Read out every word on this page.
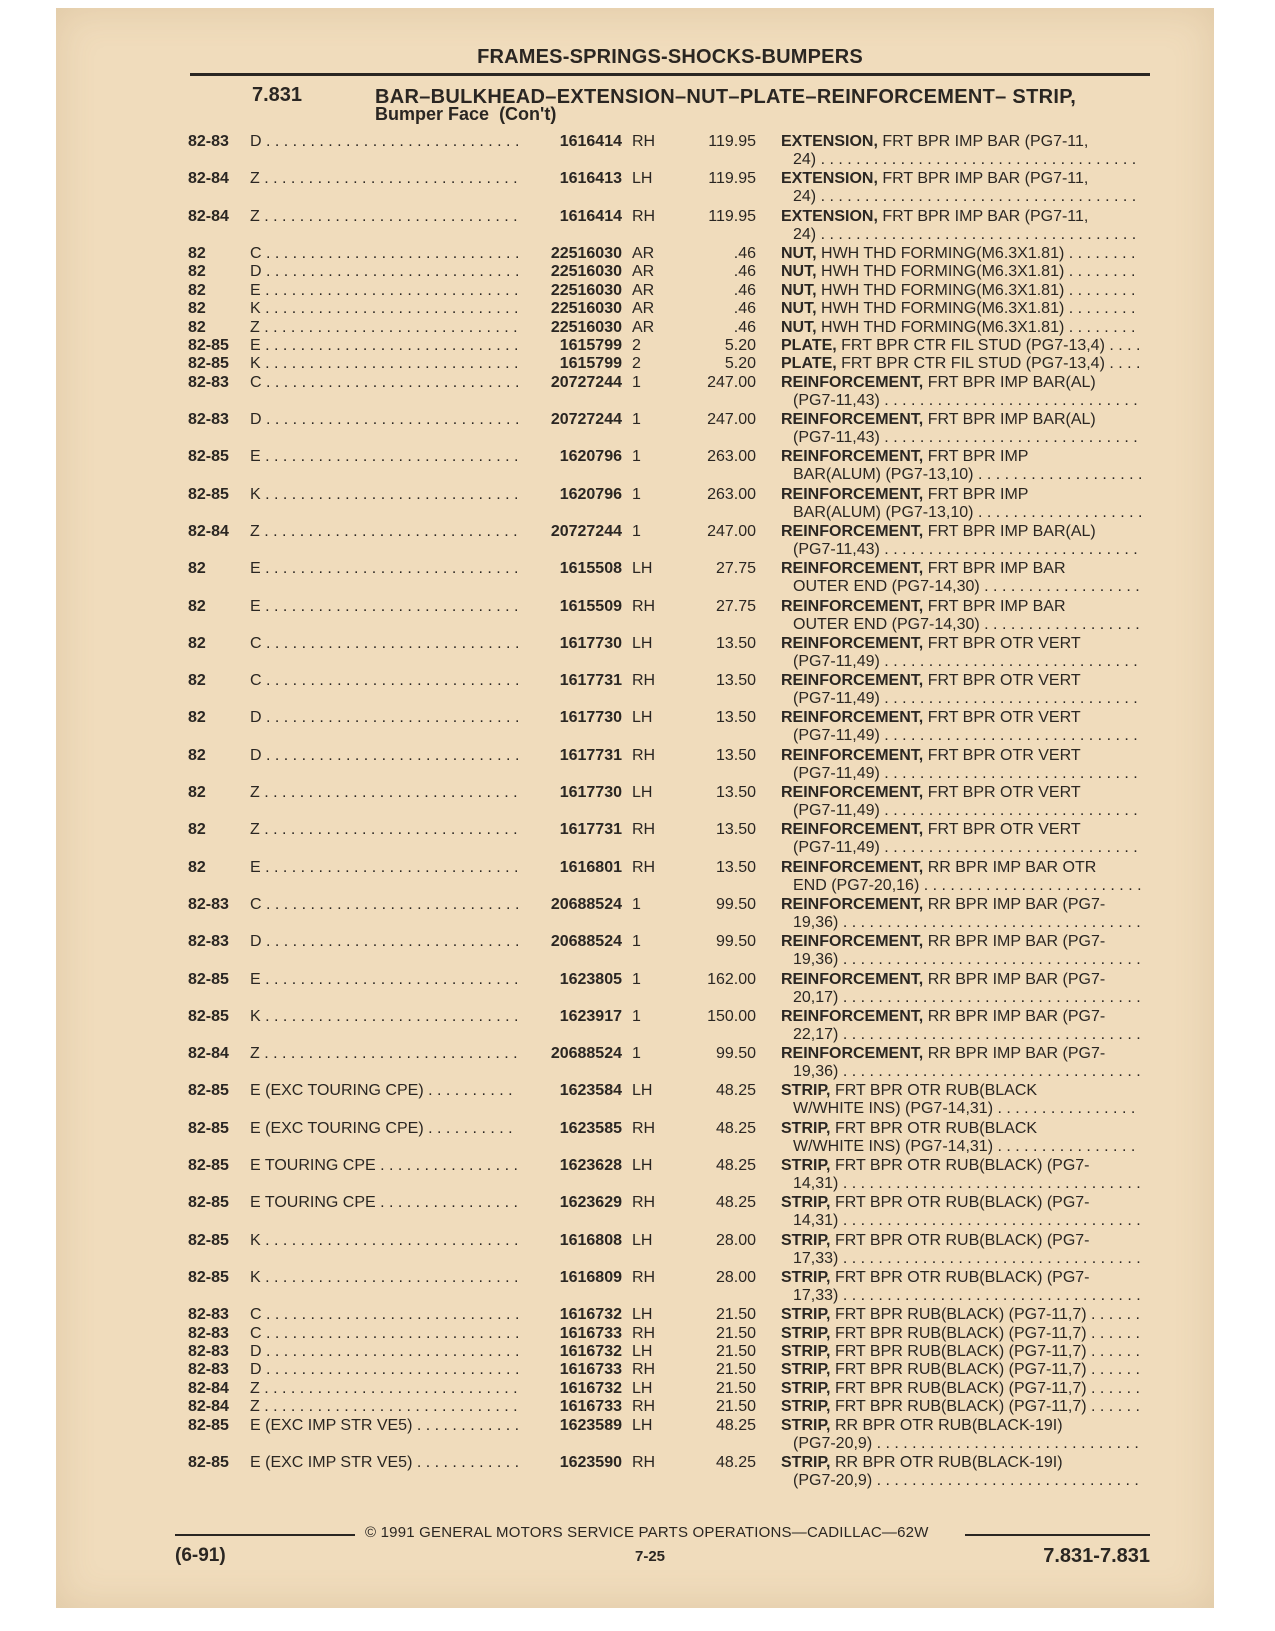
FRAMES-SPRINGS-SHOCKS-BUMPERS
7.831	BAR–BULKHEAD–EXTENSION–NUT–PLATE–REINFORCEMENT– STRIP,
Bumper Face (Con't)
82-83 D . . .	1616414 RH	119.95 EXTENSION, FRT BPR IMP BAR (PG7-11,
24) . . .
82-84 Z . . .	1616413 LH	119.95 EXTENSION, FRT BPR IMP BAR (PG7-11,
24) . . .
82-84 Z . . .	1616414 RH	119.95 EXTENSION, FRT BPR IMP BAR (PG7-11,
24) . . .
82	C . . .	22516030 AR	.46 NUT, HWH THD FORMING(M6.3X1.81) . . .
82	D . . .	22516030 AR	.46 NUT, HWH THD FORMING(M6.3X1.81) . . .
82	E . . .	22516030 AR	.46 NUT, HWH THD FORMING(M6.3X1.81) . . .
82	K . . .	22516030 AR	.46 NUT, HWH THD FORMING(M6.3X1.81) . . .
82	Z . . .	22516030 AR	.46 NUT, HWH THD FORMING(M6.3X1.81) . . .
82-85 E . . .	1615799 2	5.20 PLATE, FRT BPR CTR FIL STUD (PG7-13,4) . . .
82-85 K . . .	1615799 2	5.20 PLATE, FRT BPR CTR FIL STUD (PG7-13,4) . . .
82-83 C . . .	20727244 1	247.00 REINFORCEMENT, FRT BPR IMP BAR(AL)
(PG7-11,43) . . .
82-83 D . . .	20727244 1	247.00 REINFORCEMENT, FRT BPR IMP BAR(AL)
(PG7-11,43) . . .
82-85 E . . .	1620796 1	263.00 REINFORCEMENT, FRT BPR IMP
BAR(ALUM) (PG7-13,10) . . .
82-85 K . . .	1620796 1	263.00 REINFORCEMENT, FRT BPR IMP
BAR(ALUM) (PG7-13,10) . . .
82-84 Z . . .	20727244 1	247.00 REINFORCEMENT, FRT BPR IMP BAR(AL)
(PG7-11,43) . . .
82	E . . .	1615508 LH	27.75 REINFORCEMENT, FRT BPR IMP BAR
OUTER END (PG7-14,30) . . .
82	E . . .	1615509 RH	27.75 REINFORCEMENT, FRT BPR IMP BAR
OUTER END (PG7-14,30) . . .
82	C . . .	1617730 LH	13.50 REINFORCEMENT, FRT BPR OTR VERT
(PG7-11,49) . . .
82	C . . .	1617731 RH	13.50 REINFORCEMENT, FRT BPR OTR VERT
(PG7-11,49) . . .
82	D . . .	1617730 LH	13.50 REINFORCEMENT, FRT BPR OTR VERT
(PG7-11,49) . . .
82	D . . .	1617731 RH	13.50 REINFORCEMENT, FRT BPR OTR VERT
(PG7-11,49) . . .
82	Z . . .	1617730 LH	13.50 REINFORCEMENT, FRT BPR OTR VERT
(PG7-11,49) . . .
82	Z . . .	1617731 RH	13.50 REINFORCEMENT, FRT BPR OTR VERT
(PG7-11,49) . . .
82	E . . .	1616801 RH	13.50 REINFORCEMENT, RR BPR IMP BAR OTR
END (PG7-20,16) . . .
82-83 C . . .	20688524 1	99.50 REINFORCEMENT, RR BPR IMP BAR (PG7-
19,36) . . .
82-83 D . . .	20688524 1	99.50 REINFORCEMENT, RR BPR IMP BAR (PG7-
19,36) . . .
82-85 E . . .	1623805 1	162.00 REINFORCEMENT, RR BPR IMP BAR (PG7-
20,17) . . .
82-85 K . . .	1623917 1	150.00 REINFORCEMENT, RR BPR IMP BAR (PG7-
22,17) . . .
82-84 Z . . .	20688524 1	99.50 REINFORCEMENT, RR BPR IMP BAR (PG7-
19,36) . . .
82-85 E (EXC TOURING CPE) . . .	1623584 LH	48.25 STRIP, FRT BPR OTR RUB(BLACK
W/WHITE INS) (PG7-14,31) . . .
82-85 E (EXC TOURING CPE) . . .	1623585 RH	48.25 STRIP, FRT BPR OTR RUB(BLACK
W/WHITE INS) (PG7-14,31) . . .
82-85 E TOURING CPE . . .	1623628 LH	48.25 STRIP, FRT BPR OTR RUB(BLACK) (PG7-
14,31) . . .
82-85 E TOURING CPE . . .	1623629 RH	48.25 STRIP, FRT BPR OTR RUB(BLACK) (PG7-
14,31) . . .
82-85 K . . .	1616808 LH	28.00 STRIP, FRT BPR OTR RUB(BLACK) (PG7-
17,33) . . .
82-85 K . . .	1616809 RH	28.00 STRIP, FRT BPR OTR RUB(BLACK) (PG7-
17,33) . . .
82-83 C . . .	1616732 LH	21.50 STRIP, FRT BPR RUB(BLACK) (PG7-11,7) . . .
82-83 C . . .	1616733 RH	21.50 STRIP, FRT BPR RUB(BLACK) (PG7-11,7) . . .
82-83 D . . .	1616732 LH	21.50 STRIP, FRT BPR RUB(BLACK) (PG7-11,7) . . .
82-83 D . . .	1616733 RH	21.50 STRIP, FRT BPR RUB(BLACK) (PG7-11,7) . . .
82-84 Z . . .	1616732 LH	21.50 STRIP, FRT BPR RUB(BLACK) (PG7-11,7) . . .
82-84 Z . . .	1616733 RH	21.50 STRIP, FRT BPR RUB(BLACK) (PG7-11,7) . . .
82-85 E (EXC IMP STR VE5) . . .	1623589 LH	48.25 STRIP, RR BPR OTR RUB(BLACK-19I)
(PG7-20,9) . . .
82-85 E (EXC IMP STR VE5) . . .	1623590 RH	48.25 STRIP, RR BPR OTR RUB(BLACK-19I)
(PG7-20,9) . . .
© 1991 GENERAL MOTORS SERVICE PARTS OPERATIONS—CADILLAC—62W
(6-91)	7-25	7.831-7.831
